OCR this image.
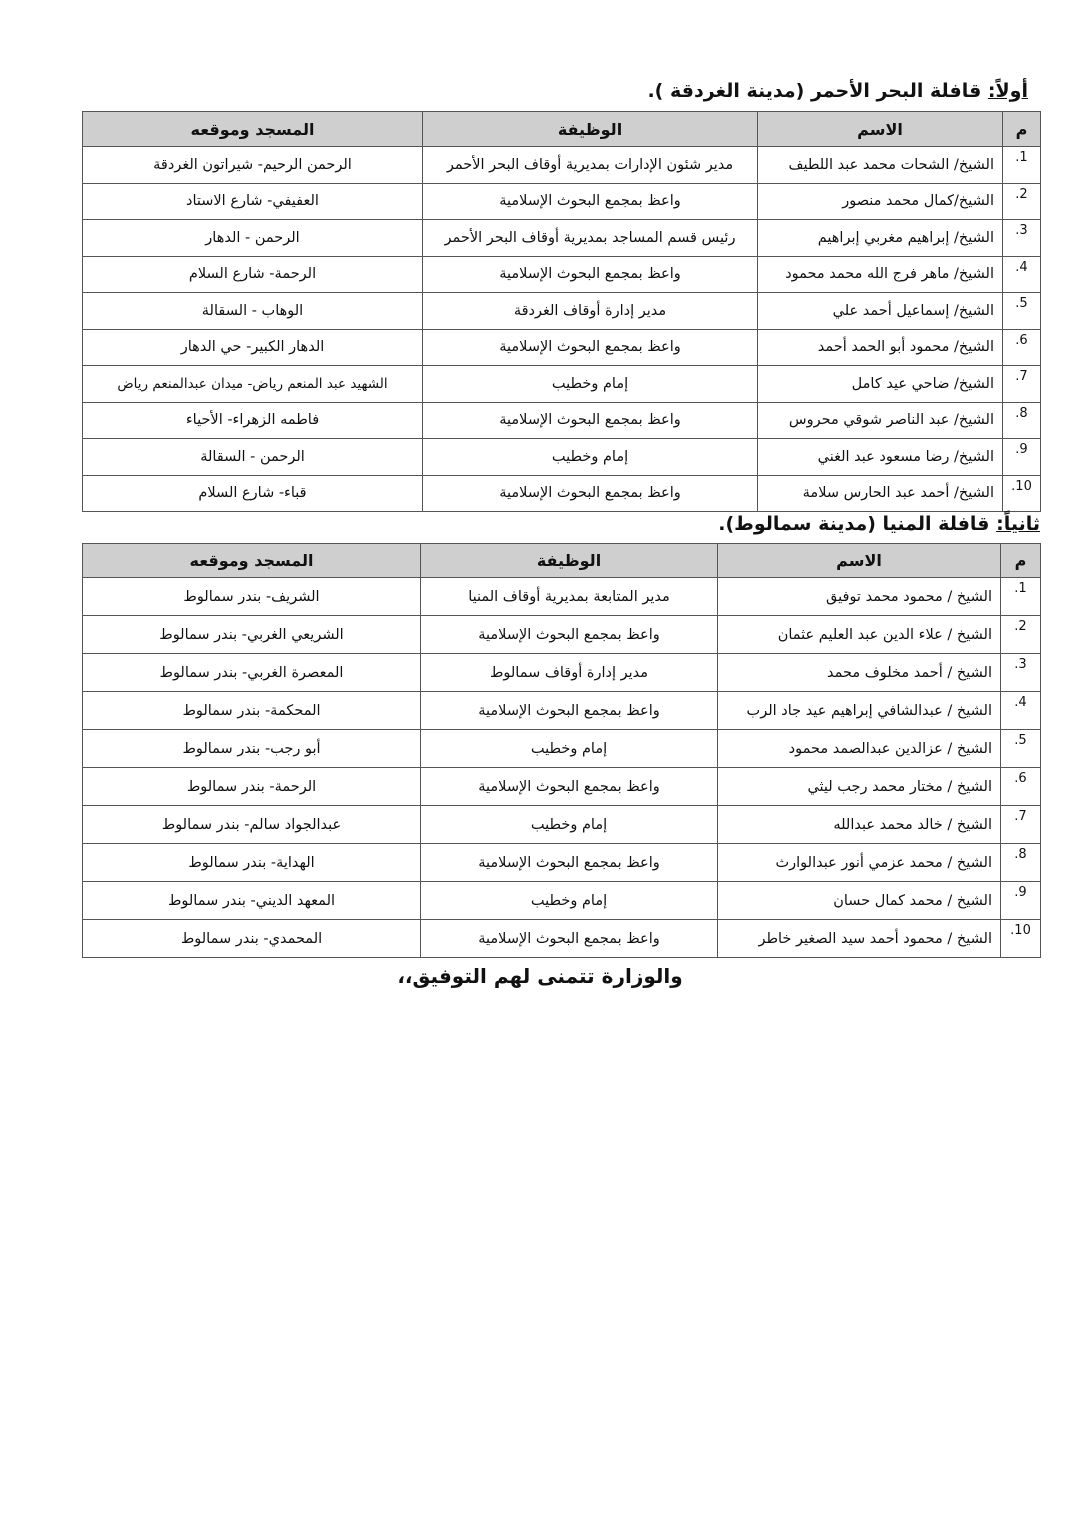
أولاً: قافلة البحر الأحمر (مدينة الغردقة ).
م	الاسم	الوظيفة	المسجد وموقعه
1.	الشيخ/ الشحات محمد عبد اللطيف	مدير شئون الإدارات بمديرية أوقاف البحر الأحمر	الرحمن الرحيم- شيراتون الغردقة
2.	الشيخ/كمال محمد منصور	واعظ بمجمع البحوث الإسلامية	العفيفي- شارع الاستاد
3.	الشيخ/ إبراهيم مغربي إبراهيم	رئيس قسم المساجد بمديرية أوقاف البحر الأحمر	الرحمن - الدهار
4.	الشيخ/ ماهر فرج الله محمد محمود	واعظ بمجمع البحوث الإسلامية	الرحمة- شارع السلام
5.	الشيخ/ إسماعيل أحمد علي	مدير إدارة أوقاف الغردقة	الوهاب - السقالة
6.	الشيخ/ محمود أبو الحمد أحمد	واعظ بمجمع البحوث الإسلامية	الدهار الكبير- حي الدهار
7.	الشيخ/ ضاحي عيد كامل	إمام وخطيب	الشهيد عبد المنعم رياض- ميدان عبدالمنعم رياض
8.	الشيخ/ عبد الناصر شوقي محروس	واعظ بمجمع البحوث الإسلامية	فاطمه الزهراء- الأحياء
9.	الشيخ/ رضا مسعود عبد الغني	إمام وخطيب	الرحمن - السقالة
10.	الشيخ/ أحمد عبد الحارس سلامة	واعظ بمجمع البحوث الإسلامية	قباء- شارع السلام
ثانياً: قافلة المنيا (مدينة سمالوط).
م	الاسم	الوظيفة	المسجد وموقعه
1.	الشيخ / محمود محمد توفيق	مدير المتابعة بمديرية أوقاف المنيا	الشريف- بندر سمالوط
2.	الشيخ / علاء الدين عبد العليم عثمان	واعظ بمجمع البحوث الإسلامية	الشريعي الغربي- بندر سمالوط
3.	الشيخ / أحمد مخلوف محمد	مدير إدارة أوقاف سمالوط	المعصرة الغربي- بندر سمالوط
4.	الشيخ / عبدالشافي إبراهيم عيد جاد الرب	واعظ بمجمع البحوث الإسلامية	المحكمة- بندر سمالوط
5.	الشيخ / عزالدين عبدالصمد محمود	إمام وخطيب	أبو رجب- بندر سمالوط
6.	الشيخ / مختار محمد رجب ليثي	واعظ بمجمع البحوث الإسلامية	الرحمة- بندر سمالوط
7.	الشيخ / خالد محمد عبدالله	إمام وخطيب	عبدالجواد سالم- بندر سمالوط
8.	الشيخ / محمد عزمي أنور عبدالوارث	واعظ بمجمع البحوث الإسلامية	الهداية- بندر سمالوط
9.	الشيخ / محمد كمال حسان	إمام وخطيب	المعهد الديني- بندر سمالوط
10.	الشيخ / محمود أحمد سيد الصغير خاطر	واعظ بمجمع البحوث الإسلامية	المحمدي- بندر سمالوط
والوزارة تتمنى لهم التوفيق،،
